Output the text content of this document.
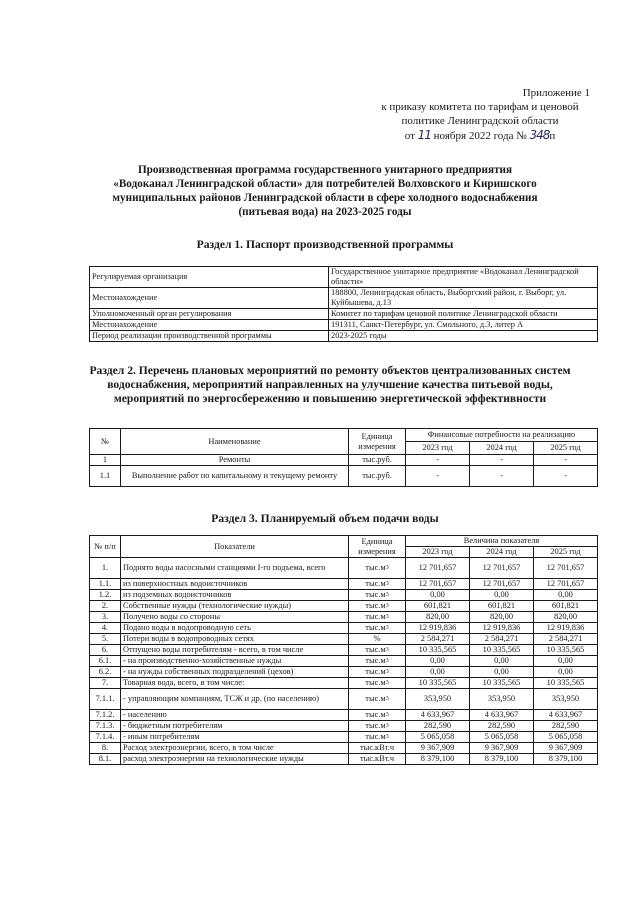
Приложение 1
к приказу комитета по тарифам и ценовой
политике Ленинградской области
от 11 ноября 2022 года № 348п
Производственная программа государственного унитарного предприятия «Водоканал Ленинградской области» для потребителей Волховского и Киришского муниципальных районов Ленинградской области в сфере холодного водоснабжения (питьевая вода) на 2023-2025 годы
Раздел 1. Паспорт производственной программы
Регулируемая организация	Государственное унитарное предприятие «Водоканал Ленинградской области»
Местонахождение	188800, Ленинградская область, Выборгский район, г. Выборг, ул. Куйбышева, д.13
Уполномоченный орган регулирования	Комитет по тарифам ценовой политике Ленинградской области
Местонахождение	191311, Санкт-Петербург, ул. Смольного, д.3, литер А
Период реализации производственной программы	2023-2025 годы
Раздел 2. Перечень плановых мероприятий по ремонту объектов централизованных систем водоснабжения, мероприятий направленных на улучшение качества питьевой воды, мероприятий по энергосбережению и повышению энергетической эффективности
№	Наименование	Единица измерения	Финансовые потребности на реализацию		
			2023 год	2024 год	2025 год
1	Ремонты	тыс.руб.	-	-	-
1.1	Выполнение работ по капитальному и текущему ремонту	тыс.руб.	-	-	-
Раздел 3. Планируемый объем подачи воды
№ п/п	Показатели	Единица измерения	Величина показателя		
			2023 год	2024 год	2025 год
1.	Поднято воды насосными станциями I-го подъема, всего	$тыс.м^3$	12 701,657	12 701,657	12 701,657
1.1.	из поверхностных водоисточников	$тыс.м^3$	12 701,657	12 701,657	12 701,657
1.2.	из подземных водоисточников	$тыс.м^3$	0,00	0,00	0,00
2.	Собственные нужды (технологические нужды)	$тыс.м^3$	601,821	601,821	601,821
3.	Получено воды со стороны	$тыс.м^3$	820,00	820,00	820,00
4.	Подано воды в водопроводную сеть	$тыс.м^3$	12 919,836	12 919,836	12 919,836
5.	Потери воды в водопроводных сетях	%	2 584,271	2 584,271	2 584,271
6.	Отпущено воды потребителям - всего, в том числе	$тыс.м^3$	10 335,565	10 335,565	10 335,565
6.1.	- на производственно-хозяйственные нужды	$тыс.м^3$	0,00	0,00	0,00
6.2.	- на нужды собственных подразделений (цехов)	$тыс.м^3$	0,00	0,00	0,00
7.	Товарная вода, всего, в том числе:	$тыс.м^3$	10 335,565	10 335,565	10 335,565
7.1.1.	- управляющим компаниям, ТСЖ и др. (по населению)	$тыс.м^3$	353,950	353,950	353,950
7.1.2.	- населению	$тыс.м^3$	4 633,967	4 633,967	4 633,967
7.1.3.	- бюджетным потребителям	$тыс.м^3$	282,590	282,590	282,590
7.1.4.	- иным потребителям	$тыс.м^3$	5 065,058	5 065,058	5 065,058
8.	Расход электроэнергии, всего, в том числе	тыс.кВт.ч	9 367,909	9 367,909	9 367,909
8.1.	расход электроэнергии на технологические нужды	тыс.кВт.ч	8 379,100	8 379,100	8 379,100
